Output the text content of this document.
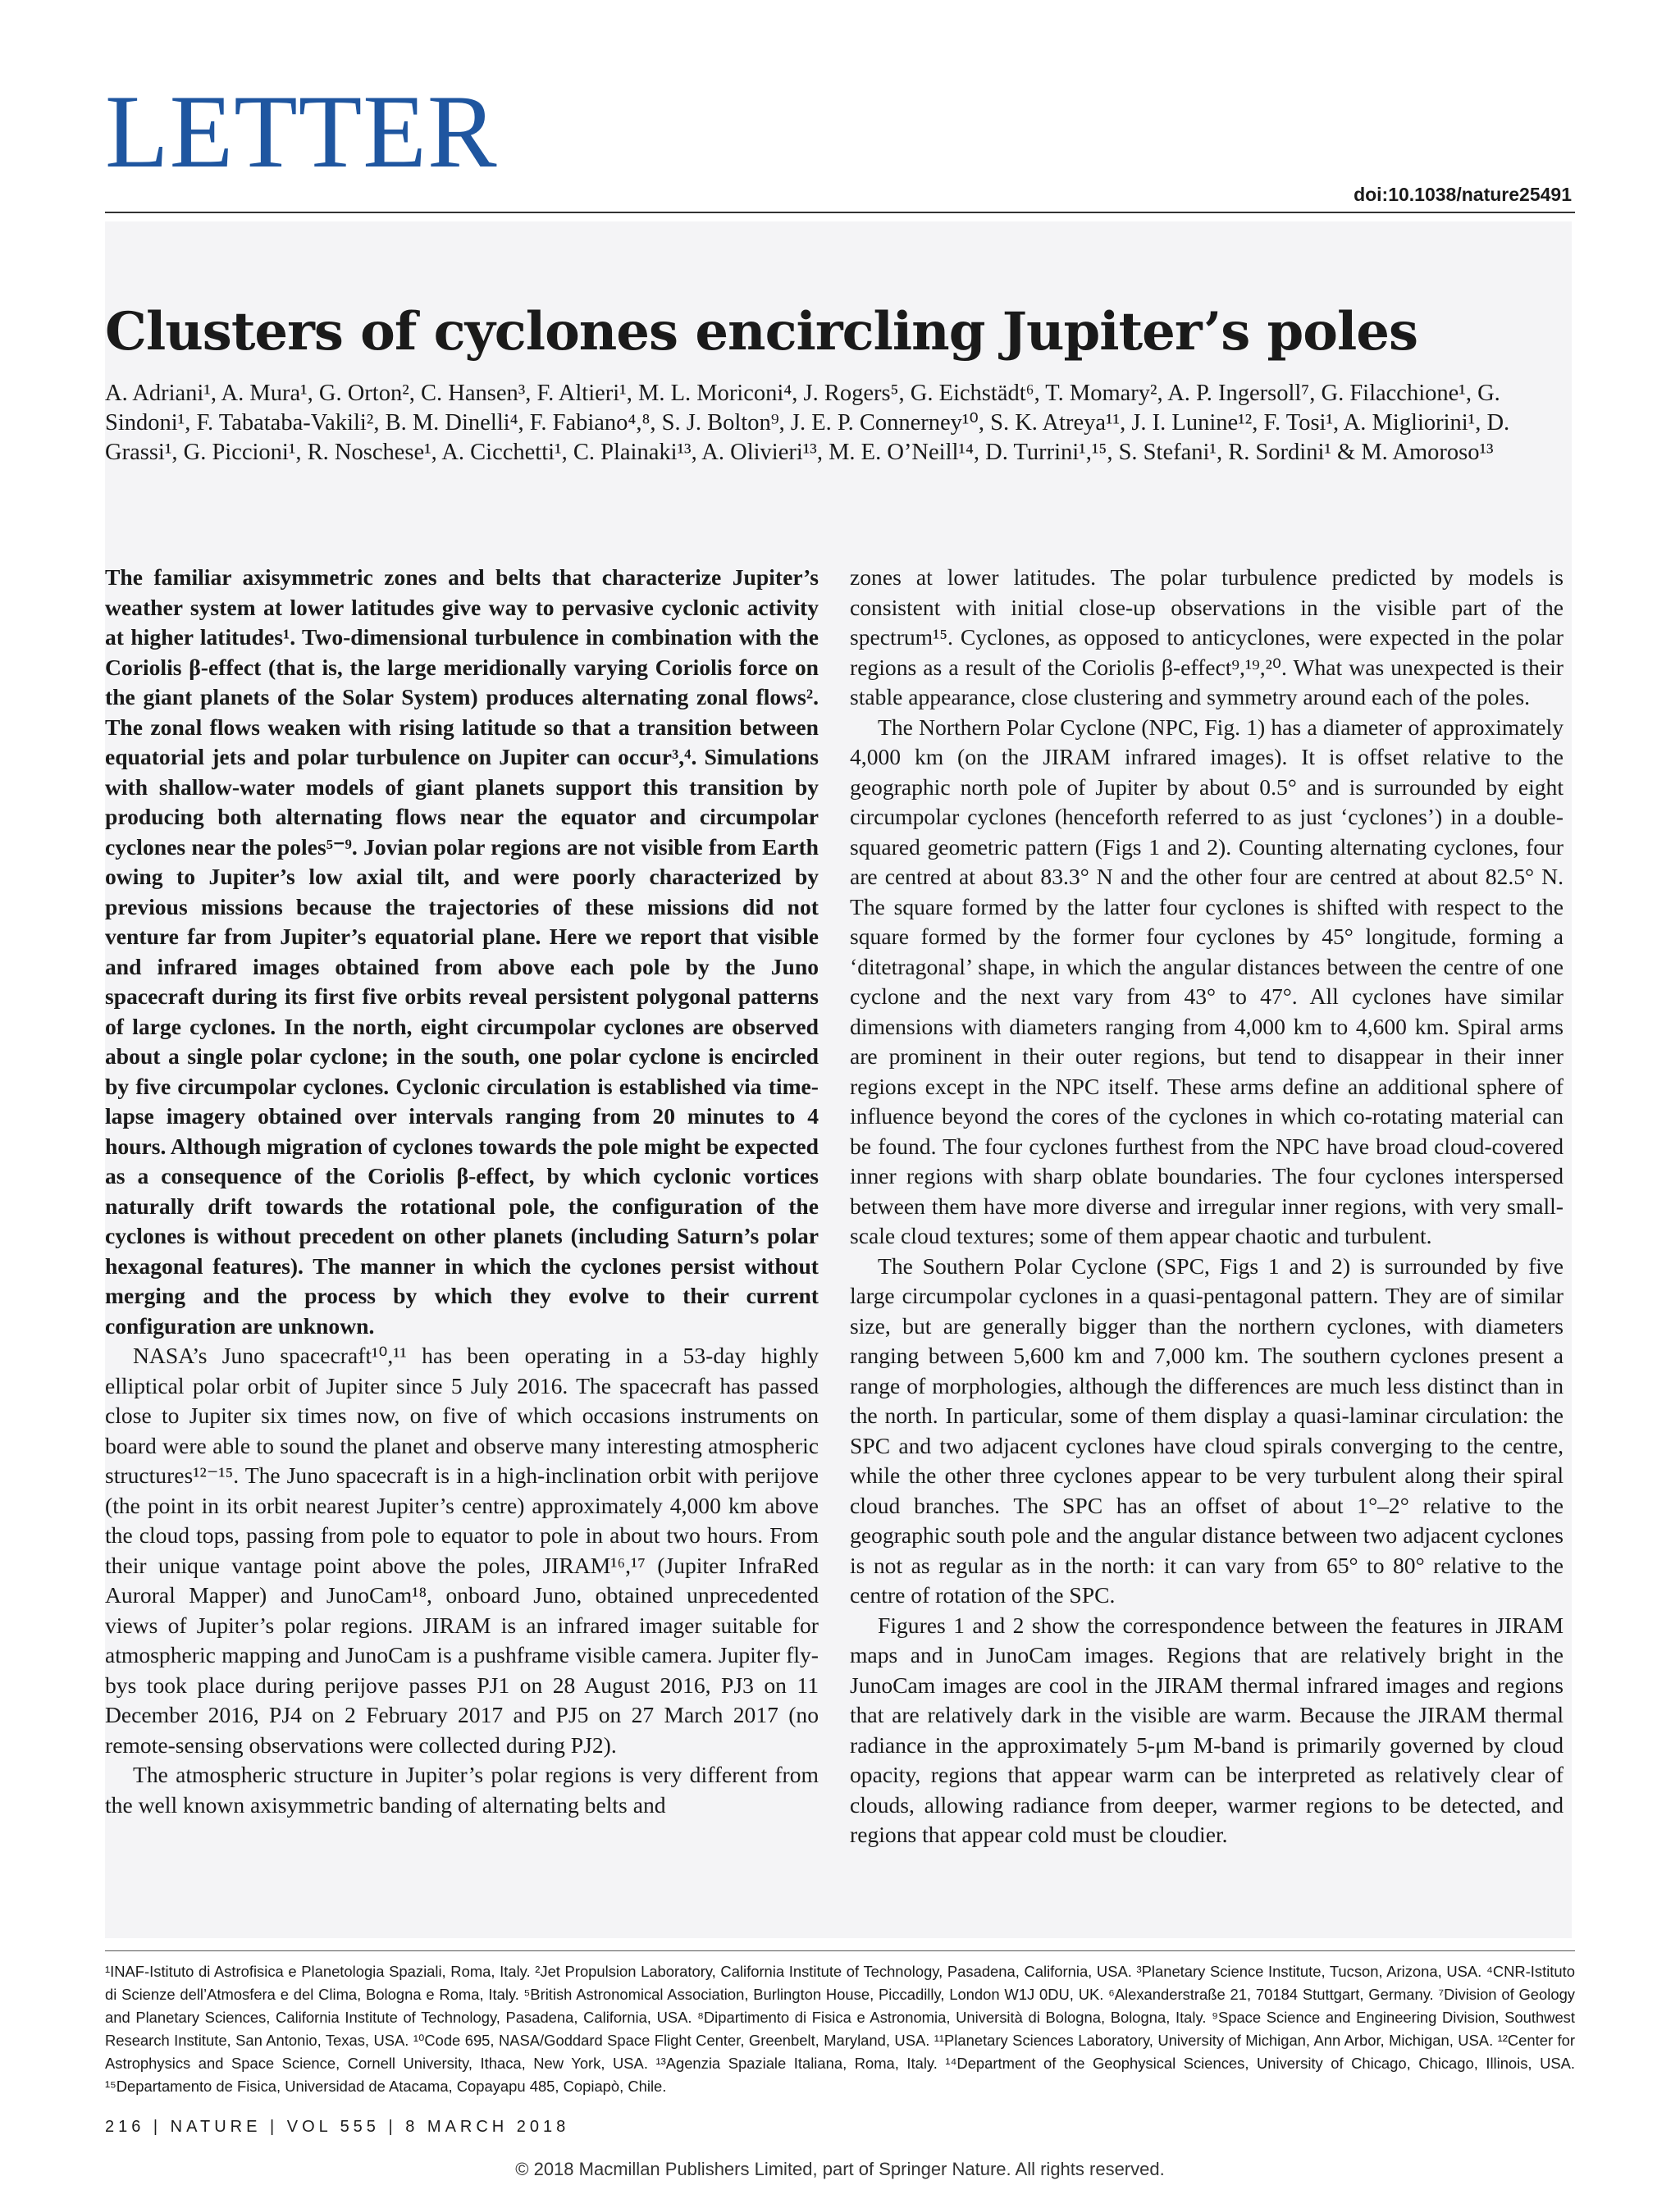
LETTER
doi:10.1038/nature25491
Clusters of cyclones encircling Jupiter’s poles
A. Adriani¹, A. Mura¹, G. Orton², C. Hansen³, F. Altieri¹, M. L. Moriconi⁴, J. Rogers⁵, G. Eichstädt⁶, T. Momary², A. P. Ingersoll⁷, G. Filacchione¹, G. Sindoni¹, F. Tabataba-Vakili², B. M. Dinelli⁴, F. Fabiano⁴,⁸, S. J. Bolton⁹, J. E. P. Connerney¹⁰, S. K. Atreya¹¹, J. I. Lunine¹², F. Tosi¹, A. Migliorini¹, D. Grassi¹, G. Piccioni¹, R. Noschese¹, A. Cicchetti¹, C. Plainaki¹³, A. Olivieri¹³, M. E. O’Neill¹⁴, D. Turrini¹,¹⁵, S. Stefani¹, R. Sordini¹ & M. Amoroso¹³

The familiar axisymmetric zones and belts that characterize Jupiter’s weather system at lower latitudes give way to pervasive cyclonic activity at higher latitudes¹. Two-dimensional turbulence in combination with the Coriolis β-effect (that is, the large meridionally varying Coriolis force on the giant planets of the Solar System) produces alternating zonal flows². The zonal flows weaken with rising latitude so that a transition between equatorial jets and polar turbulence on Jupiter can occur³,⁴. Simulations with shallow-water models of giant planets support this transition by producing both alternating flows near the equator and circumpolar cyclones near the poles⁵⁻⁹. Jovian polar regions are not visible from Earth owing to Jupiter’s low axial tilt, and were poorly characterized by previous missions because the trajectories of these missions did not venture far from Jupiter’s equatorial plane. Here we report that visible and infrared images obtained from above each pole by the Juno spacecraft during its first five orbits reveal persistent polygonal patterns of large cyclones. In the north, eight circumpolar cyclones are observed about a single polar cyclone; in the south, one polar cyclone is encircled by five circumpolar cyclones. Cyclonic circulation is established via time-lapse imagery obtained over intervals ranging from 20 minutes to 4 hours. Although migration of cyclones towards the pole might be expected as a consequence of the Coriolis β-effect, by which cyclonic vortices naturally drift towards the rotational pole, the configuration of the cyclones is without precedent on other planets (including Saturn’s polar hexagonal features). The manner in which the cyclones persist without merging and the process by which they evolve to their current configuration are unknown.

NASA’s Juno spacecraft¹⁰,¹¹ has been operating in a 53-day highly elliptical polar orbit of Jupiter since 5 July 2016. The spacecraft has passed close to Jupiter six times now, on five of which occasions instruments on board were able to sound the planet and observe many interesting atmospheric structures¹²⁻¹⁵. The Juno spacecraft is in a high-inclination orbit with perijove (the point in its orbit nearest Jupiter’s centre) approximately 4,000 km above the cloud tops, passing from pole to equator to pole in about two hours. From their unique vantage point above the poles, JIRAM¹⁶,¹⁷ (Jupiter InfraRed Auroral Mapper) and JunoCam¹⁸, onboard Juno, obtained unprecedented views of Jupiter’s polar regions. JIRAM is an infrared imager suitable for atmospheric mapping and JunoCam is a pushframe visible camera. Jupiter fly-bys took place during perijove passes PJ1 on 28 August 2016, PJ3 on 11 December 2016, PJ4 on 2 February 2017 and PJ5 on 27 March 2017 (no remote-sensing observations were collected during PJ2).

The atmospheric structure in Jupiter’s polar regions is very different from the well known axisymmetric banding of alternating belts and

zones at lower latitudes. The polar turbulence predicted by models is consistent with initial close-up observations in the visible part of the spectrum¹⁵. Cyclones, as opposed to anticyclones, were expected in the polar regions as a result of the Coriolis β-effect⁹,¹⁹,²⁰. What was unexpected is their stable appearance, close clustering and symmetry around each of the poles.

The Northern Polar Cyclone (NPC, Fig. 1) has a diameter of approximately 4,000 km (on the JIRAM infrared images). It is offset relative to the geographic north pole of Jupiter by about 0.5° and is surrounded by eight circumpolar cyclones (henceforth referred to as just ‘cyclones’) in a double-squared geometric pattern (Figs 1 and 2). Counting alternating cyclones, four are centred at about 83.3° N and the other four are centred at about 82.5° N. The square formed by the latter four cyclones is shifted with respect to the square formed by the former four cyclones by 45° longitude, forming a ‘ditetragonal’ shape, in which the angular distances between the centre of one cyclone and the next vary from 43° to 47°. All cyclones have similar dimensions with diameters ranging from 4,000 km to 4,600 km. Spiral arms are prominent in their outer regions, but tend to disappear in their inner regions except in the NPC itself. These arms define an additional sphere of influence beyond the cores of the cyclones in which co-rotating material can be found. The four cyclones furthest from the NPC have broad cloud-covered inner regions with sharp oblate boundaries. The four cyclones interspersed between them have more diverse and irregular inner regions, with very small-scale cloud textures; some of them appear chaotic and turbulent.

The Southern Polar Cyclone (SPC, Figs 1 and 2) is surrounded by five large circumpolar cyclones in a quasi-pentagonal pattern. They are of similar size, but are generally bigger than the northern cyclones, with diameters ranging between 5,600 km and 7,000 km. The southern cyclones present a range of morphologies, although the differences are much less distinct than in the north. In particular, some of them display a quasi-laminar circulation: the SPC and two adjacent cyclones have cloud spirals converging to the centre, while the other three cyclones appear to be very turbulent along their spiral cloud branches. The SPC has an offset of about 1°–2° relative to the geographic south pole and the angular distance between two adjacent cyclones is not as regular as in the north: it can vary from 65° to 80° relative to the centre of rotation of the SPC.

Figures 1 and 2 show the correspondence between the features in JIRAM maps and in JunoCam images. Regions that are relatively bright in the JunoCam images are cool in the JIRAM thermal infrared images and regions that are relatively dark in the visible are warm. Because the JIRAM thermal radiance in the approximately 5-μm M-band is primarily governed by cloud opacity, regions that appear warm can be interpreted as relatively clear of clouds, allowing radiance from deeper, warmer regions to be detected, and regions that appear cold must be cloudier.

¹INAF-Istituto di Astrofisica e Planetologia Spaziali, Roma, Italy. ²Jet Propulsion Laboratory, California Institute of Technology, Pasadena, California, USA. ³Planetary Science Institute, Tucson, Arizona, USA. ⁴CNR-Istituto di Scienze dell’Atmosfera e del Clima, Bologna e Roma, Italy. ⁵British Astronomical Association, Burlington House, Piccadilly, London W1J 0DU, UK. ⁶Alexanderstraße 21, 70184 Stuttgart, Germany. ⁷Division of Geology and Planetary Sciences, California Institute of Technology, Pasadena, California, USA. ⁸Dipartimento di Fisica e Astronomia, Università di Bologna, Bologna, Italy. ⁹Space Science and Engineering Division, Southwest Research Institute, San Antonio, Texas, USA. ¹⁰Code 695, NASA/Goddard Space Flight Center, Greenbelt, Maryland, USA. ¹¹Planetary Sciences Laboratory, University of Michigan, Ann Arbor, Michigan, USA. ¹²Center for Astrophysics and Space Science, Cornell University, Ithaca, New York, USA. ¹³Agenzia Spaziale Italiana, Roma, Italy. ¹⁴Department of the Geophysical Sciences, University of Chicago, Chicago, Illinois, USA. ¹⁵Departamento de Fisica, Universidad de Atacama, Copayapu 485, Copiapò, Chile.
216 | NATURE | VOL 555 | 8 MARCH 2018
© 2018 Macmillan Publishers Limited, part of Springer Nature. All rights reserved.
